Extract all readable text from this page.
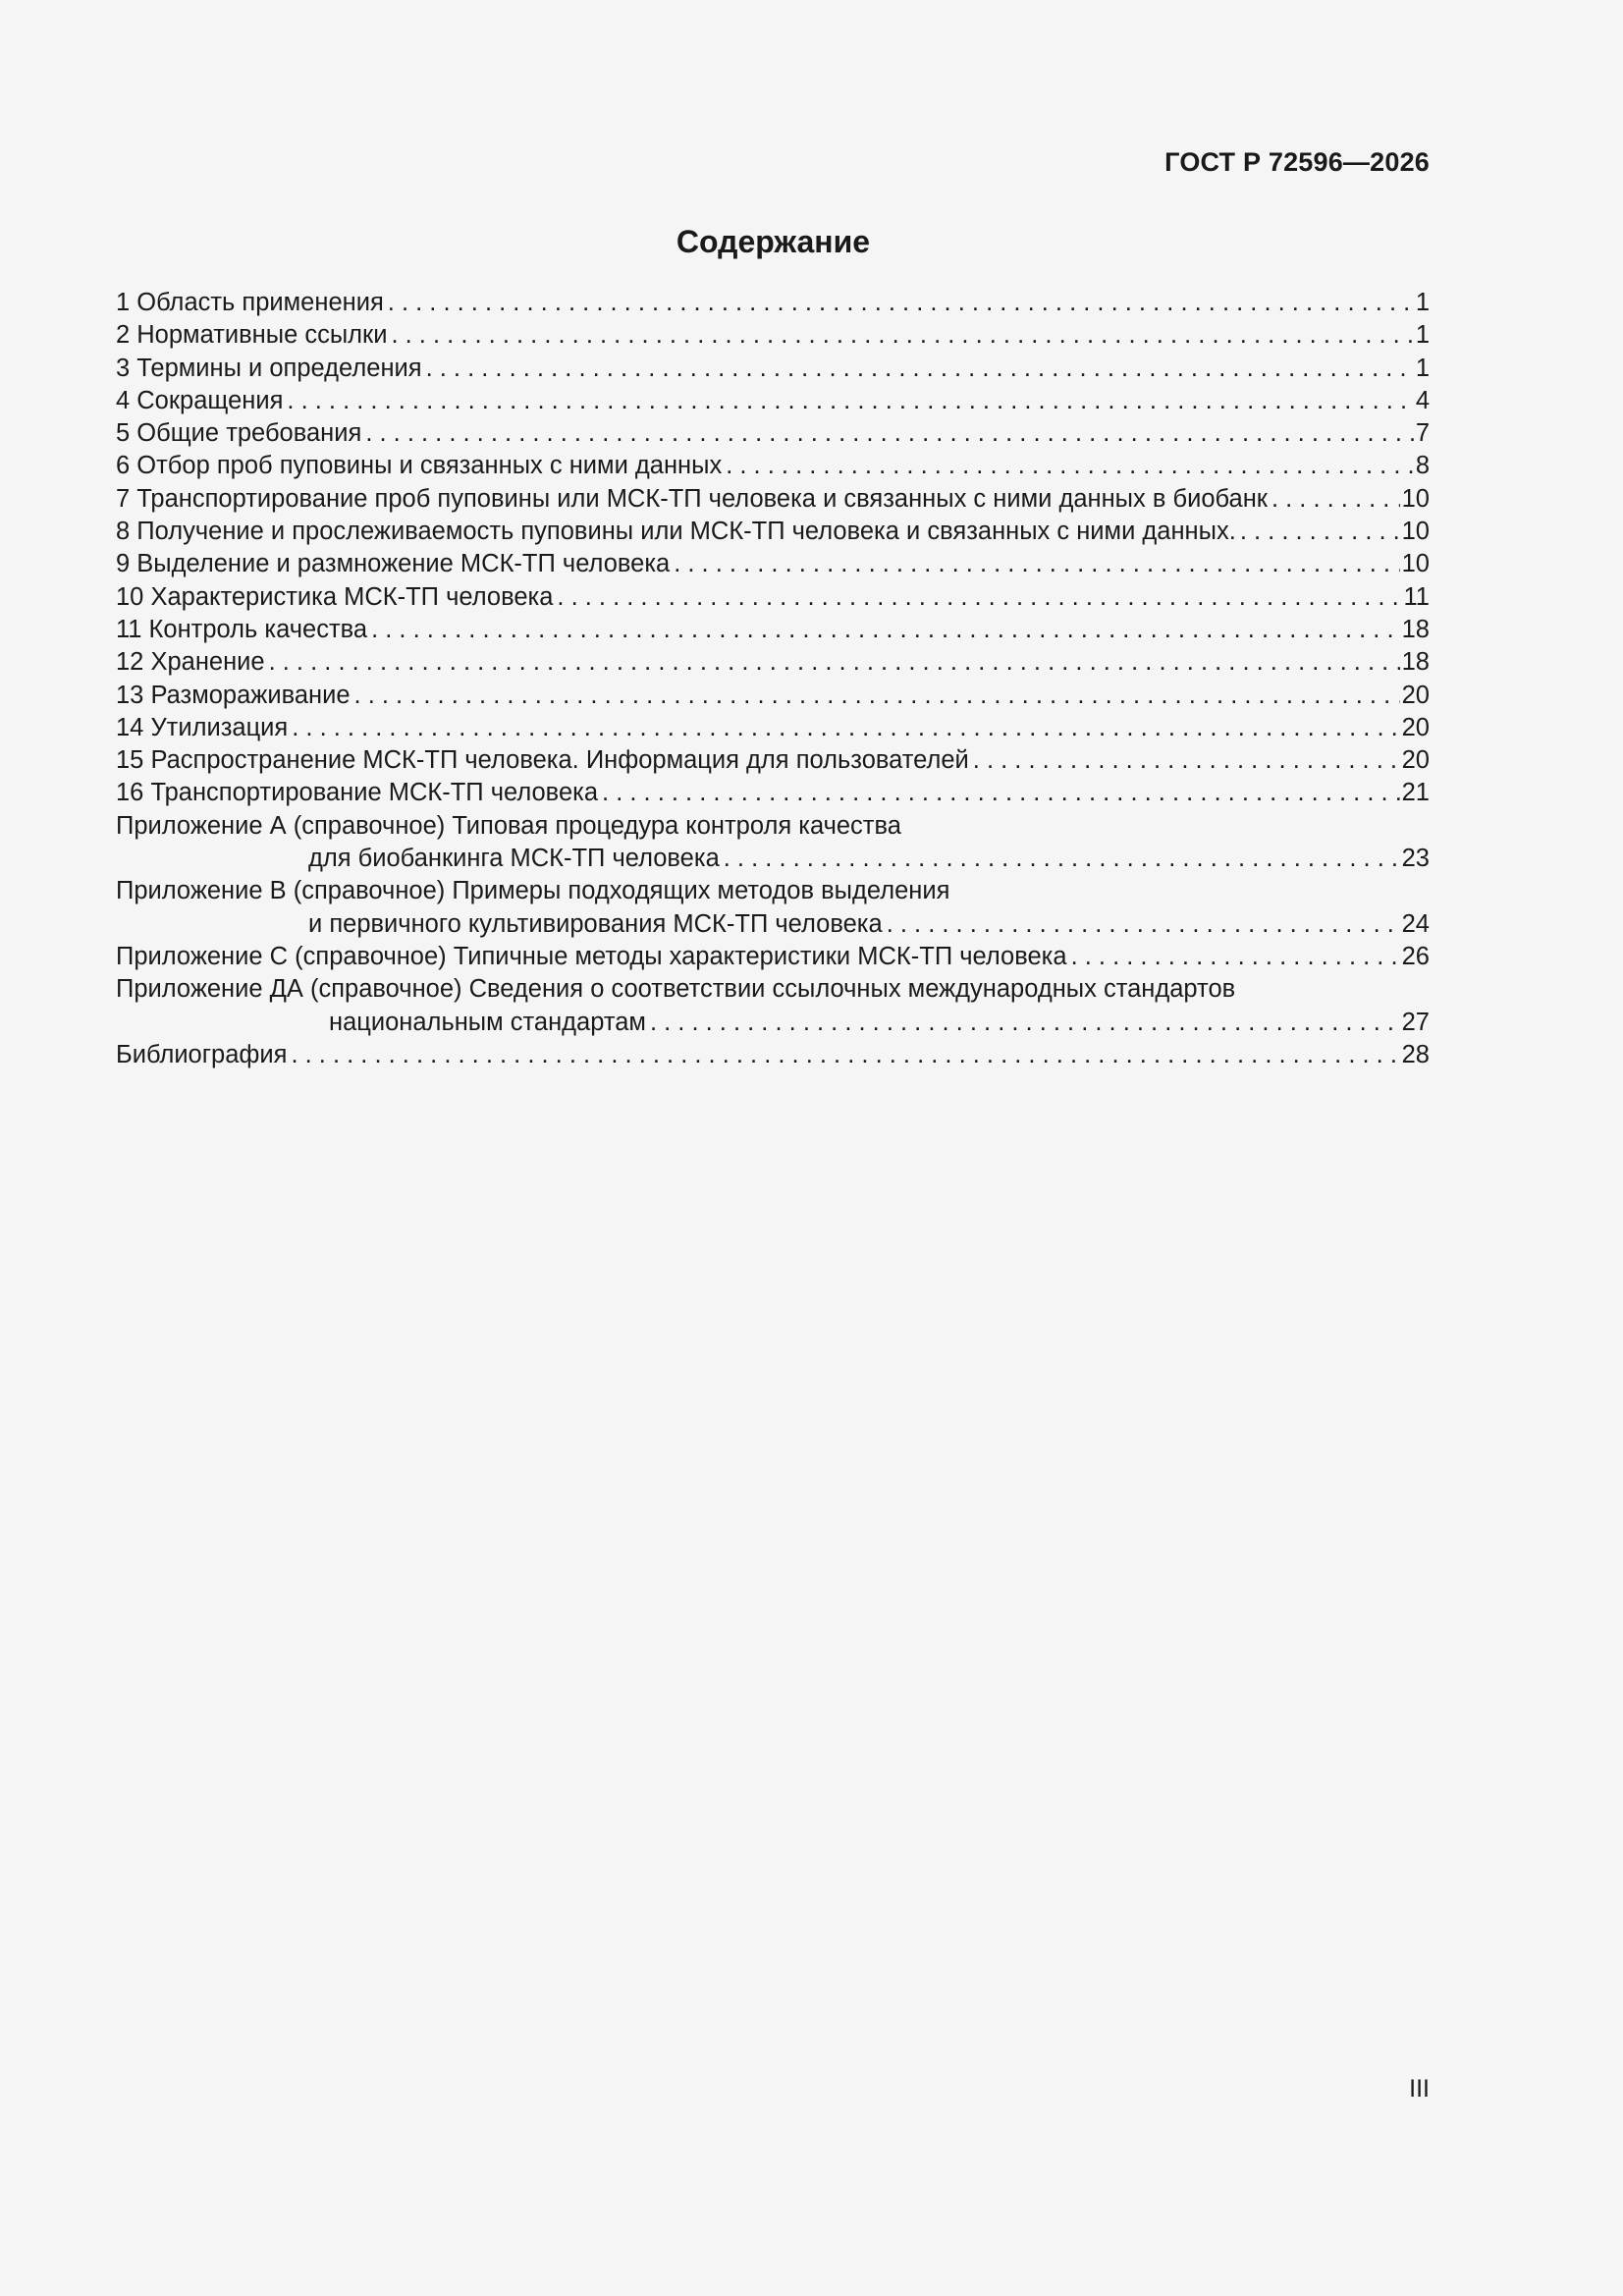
ГОСТ Р 72596—2026
Содержание
1 Область применения . . .	1
2 Нормативные ссылки . . .	1
3 Термины и определения . . .	1
4 Сокращения . . .	4
5 Общие требования . . .	7
6 Отбор проб пуповины и связанных с ними данных . . .	8
7 Транспортирование проб пуповины или МСК-ТП человека и связанных с ними данных в биобанк . . .	10
8 Получение и прослеживаемость пуповины или МСК-ТП человека и связанных с ними данных. . . .	10
9 Выделение и размножение МСК-ТП человека . . .	10
10 Характеристика МСК-ТП человека . . .	11
11 Контроль качества . . .	18
12 Хранение . . .	18
13 Размораживание . . .	20
14 Утилизация . . .	20
15 Распространение МСК-ТП человека. Информация для пользователей . . .	20
16 Транспортирование МСК-ТП человека . . .	21
Приложение А (справочное) Типовая процедура контроля качества
для биобанкинга МСК-ТП человека . . .	23
Приложение В (справочное) Примеры подходящих методов выделения
и первичного культивирования МСК-ТП человека . . .	24
Приложение С (справочное) Типичные методы характеристики МСК-ТП человека . . .	26
Приложение ДА (справочное) Сведения о соответствии ссылочных международных стандартов
национальным стандартам . . .	27
Библиография . . .	28
III
